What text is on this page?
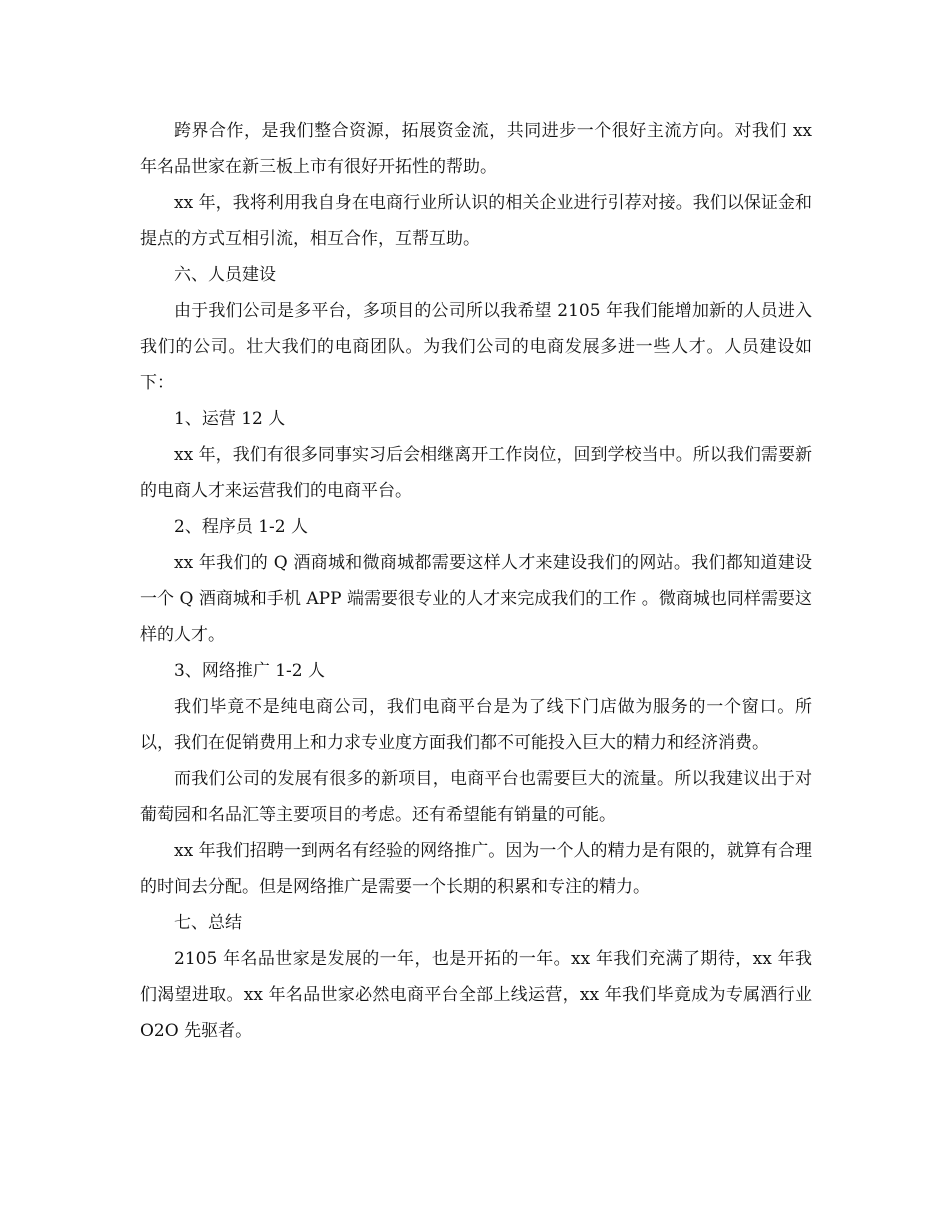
跨界合作，是我们整合资源，拓展资金流，共同进步一个很好主流方向。对我们 xx 年名品世家在新三板上市有很好开拓性的帮助。

xx 年，我将利用我自身在电商行业所认识的相关企业进行引荐对接。我们以保证金和提点的方式互相引流，相互合作，互帮互助。

六、人员建设

由于我们公司是多平台，多项目的公司所以我希望 2105 年我们能增加新的人员进入我们的公司。壮大我们的电商团队。为我们公司的电商发展多进一些人才。人员建设如下：

1、运营 12 人

xx 年，我们有很多同事实习后会相继离开工作岗位，回到学校当中。所以我们需要新的电商人才来运营我们的电商平台。

2、程序员 1-2 人

xx 年我们的 Q 酒商城和微商城都需要这样人才来建设我们的网站。我们都知道建设一个 Q 酒商城和手机 APP 端需要很专业的人才来完成我们的工作 。微商城也同样需要这样的人才。

3、网络推广 1-2 人

我们毕竟不是纯电商公司，我们电商平台是为了线下门店做为服务的一个窗口。所以，我们在促销费用上和力求专业度方面我们都不可能投入巨大的精力和经济消费。

而我们公司的发展有很多的新项目，电商平台也需要巨大的流量。所以我建议出于对葡萄园和名品汇等主要项目的考虑。还有希望能有销量的可能。

xx 年我们招聘一到两名有经验的网络推广。因为一个人的精力是有限的，就算有合理的时间去分配。但是网络推广是需要一个长期的积累和专注的精力。

七、总结

2105 年名品世家是发展的一年，也是开拓的一年。xx 年我们充满了期待，xx 年我们渴望进取。xx 年名品世家必然电商平台全部上线运营，xx 年我们毕竟成为专属酒行业 O2O 先驱者。
